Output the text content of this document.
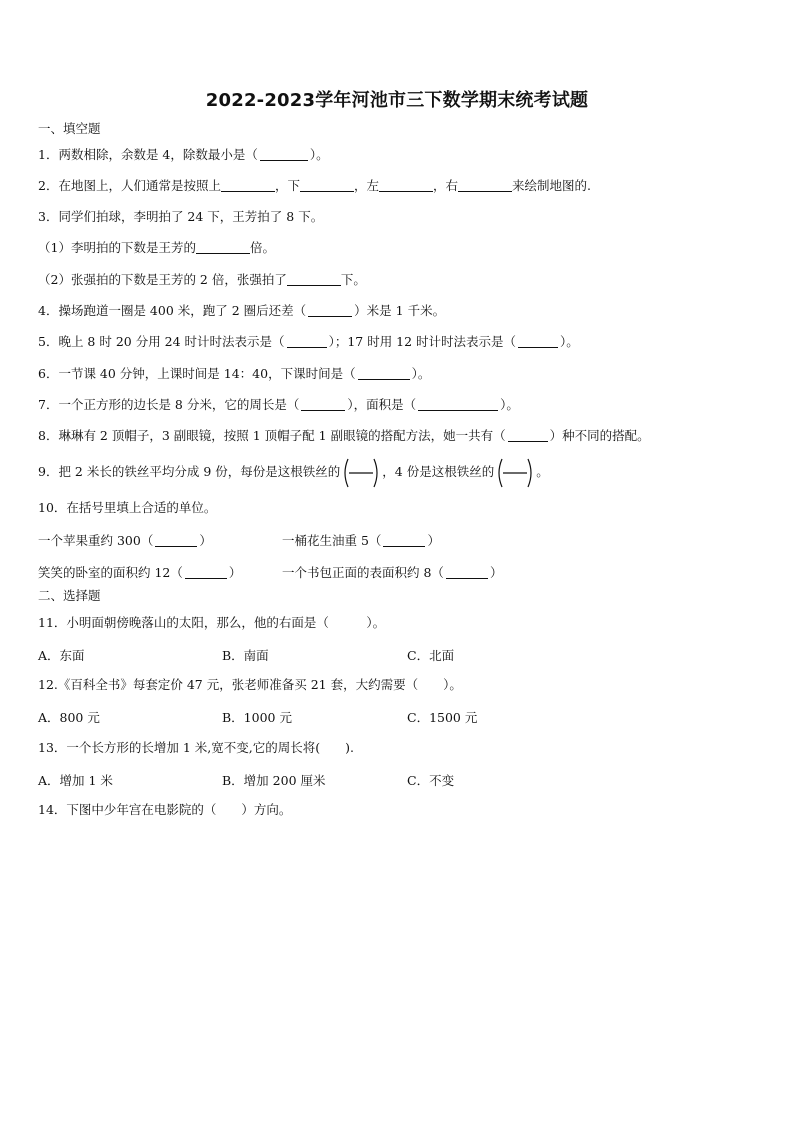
2022-2023学年河池市三下数学期末统考试题
一、填空题
1．两数相除，余数是 4，除数最小是（	）。
2．在地图上，人们通常是按照上	，下	，左	，右	来绘制地图的.
3．同学们拍球，李明拍了 24 下，王芳拍了 8 下。
（1）李明拍的下数是王芳的	倍。
（2）张强拍的下数是王芳的 2 倍，张强拍了	下。
4．操场跑道一圈是 400 米，跑了 2 圈后还差（	）米是 1 千米。
5．晚上 8 时 20 分用 24 时计时法表示是（	）；17 时用 12 时计时法表示是（	）。
6．一节课 40 分钟，上课时间是 14：40，下课时间是（	）。
7．一个正方形的边长是 8 分米，它的周长是（	），面积是（	）。
8．琳琳有 2 顶帽子，3 副眼镜，按照 1 顶帽子配 1 副眼镜的搭配方法，她一共有（	）种不同的搭配。
9．把 2 米长的铁丝平均分成 9 份，每份是这根铁丝的	，4 份是这根铁丝的	。
10．在括号里填上合适的单位。
一个苹果重约 300（	）	一桶花生油重 5（	）
笑笑的卧室的面积约 12（	）	一个书包正面的表面积约 8（	）
二、选择题
11．小明面朝傍晚落山的太阳，那么，他的右面是（　　　）。
A．东面	B．南面	C．北面
12.《百科全书》每套定价 47 元，张老师准备买 21 套，大约需要（　　）。
A．800 元	B．1000 元	C．1500 元
13．一个长方形的长增加 1 米,宽不变,它的周长将(　　).
A．增加 1 米	B．增加 200 厘米	C．不变
14．下图中少年宫在电影院的（　　）方向。
